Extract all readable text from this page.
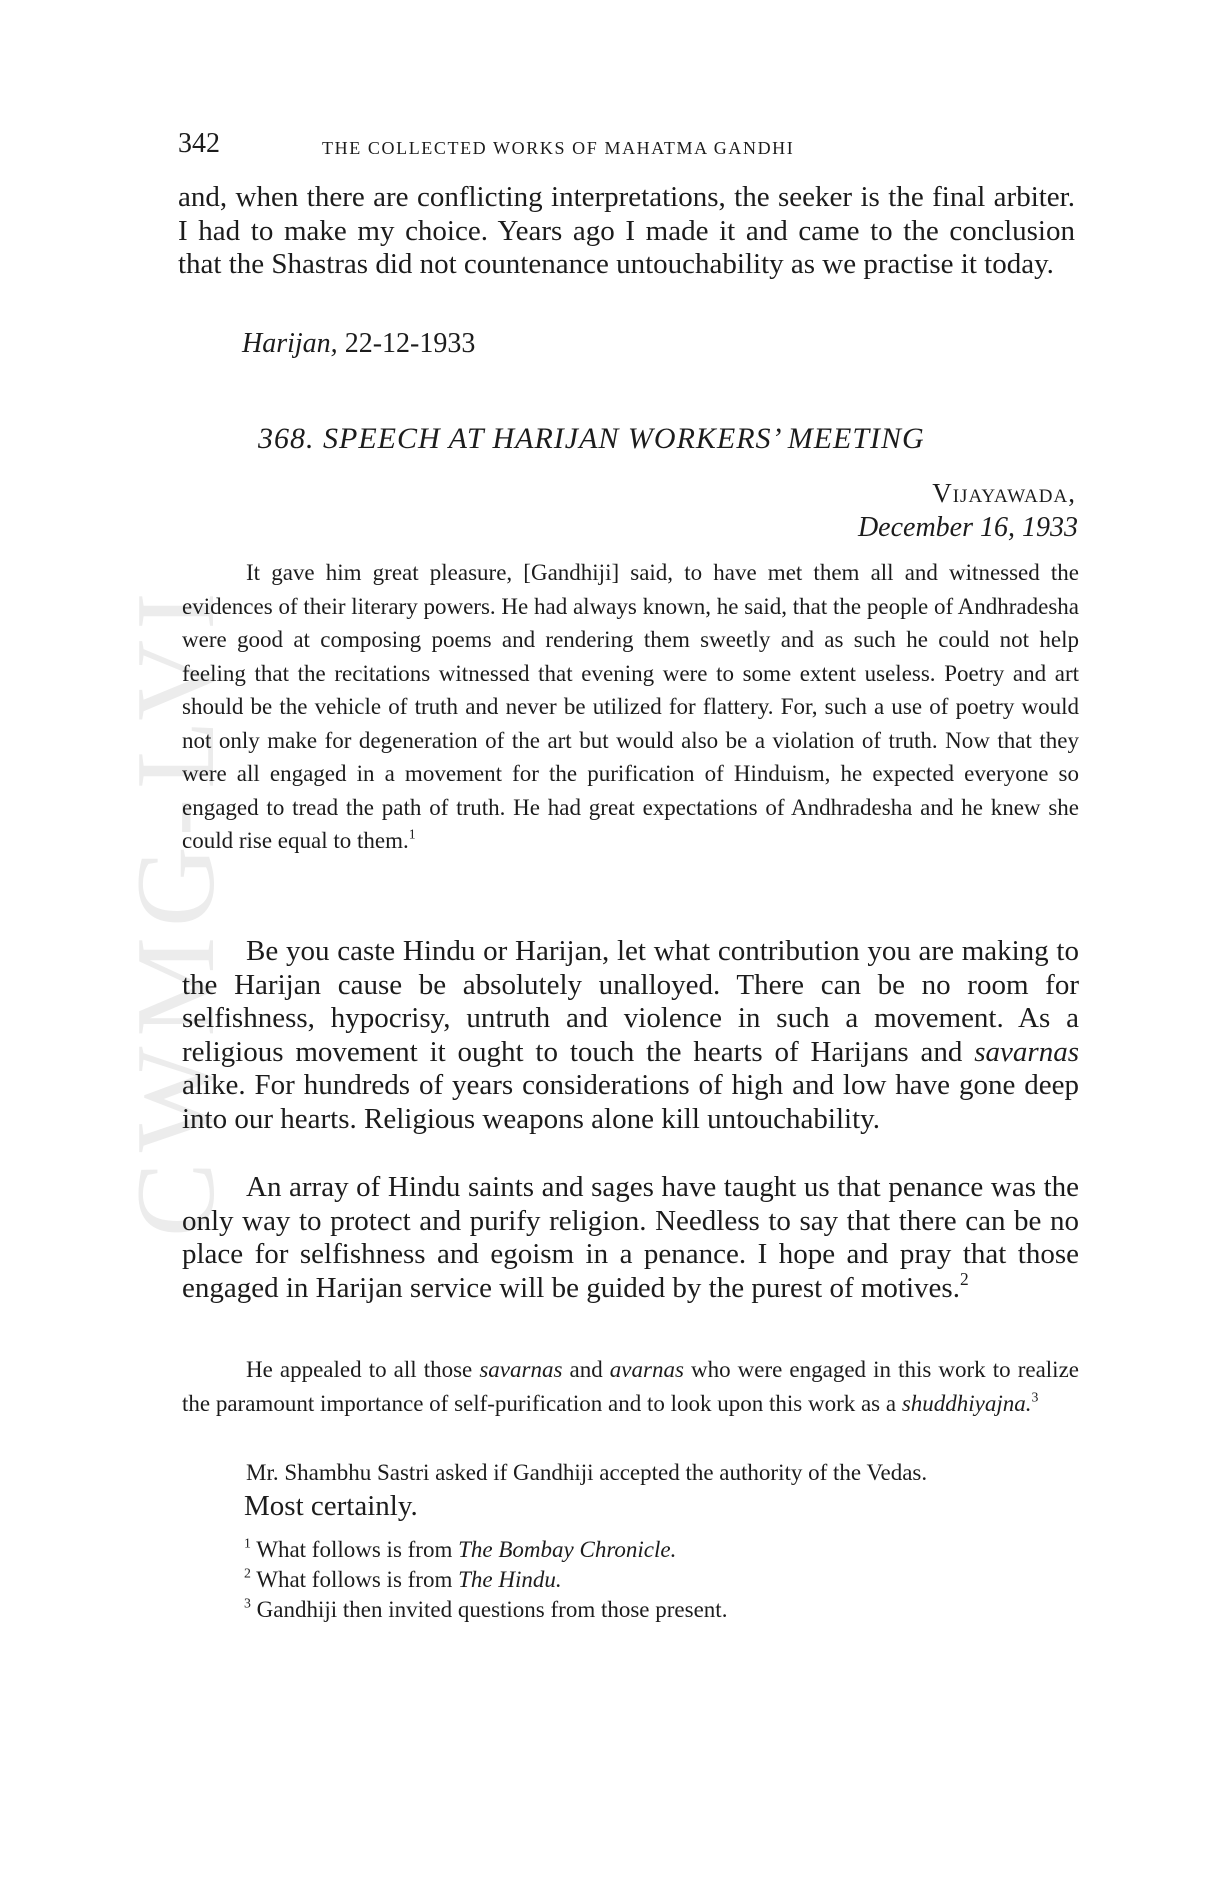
CWMG-LVI
342	THE COLLECTED WORKS OF MAHATMA GANDHI

and, when there are conflicting interpretations, the seeker is the final arbiter. I had to make my choice. Years ago I made it and came to the conclusion that the Shastras did not countenance untouchability as we practise it today.

Harijan, 22-12-1933
368. SPEECH AT HARIJAN WORKERS’ MEETING
Vijayawada,
December 16, 1933

It gave him great pleasure, [Gandhiji] said, to have met them all and witnessed the evidences of their literary powers. He had always known, he said, that the people of Andhradesha were good at composing poems and rendering them sweetly and as such he could not help feeling that the recitations witnessed that evening were to some extent useless. Poetry and art should be the vehicle of truth and never be utilized for flattery. For, such a use of poetry would not only make for degeneration of the art but would also be a violation of truth. Now that they were all engaged in a movement for the purification of Hinduism, he expected everyone so engaged to tread the path of truth. He had great expectations of Andhradesha and he knew she could rise equal to them.$^1$

Be you caste Hindu or Harijan, let what contribution you are making to the Harijan cause be absolutely unalloyed. There can be no room for selfishness, hypocrisy, untruth and violence in such a movement. As a religious movement it ought to touch the hearts of Harijans and savarnas alike. For hundreds of years considerations of high and low have gone deep into our hearts. Religious weapons alone kill untouchability.

An array of Hindu saints and sages have taught us that penance was the only way to protect and purify religion. Needless to say that there can be no place for selfishness and egoism in a penance. I hope and pray that those engaged in Harijan service will be guided by the purest of motives.$^2$

He appealed to all those savarnas and avarnas who were engaged in this work to realize the paramount importance of self-purification and to look upon this work as a shuddhiyajna.$^3$

Mr. Shambhu Sastri asked if Gandhiji accepted the authority of the Vedas.

Most certainly.

$^1$ What follows is from The Bombay Chronicle.
$^2$ What follows is from The Hindu.
$^3$ Gandhiji then invited questions from those present.
